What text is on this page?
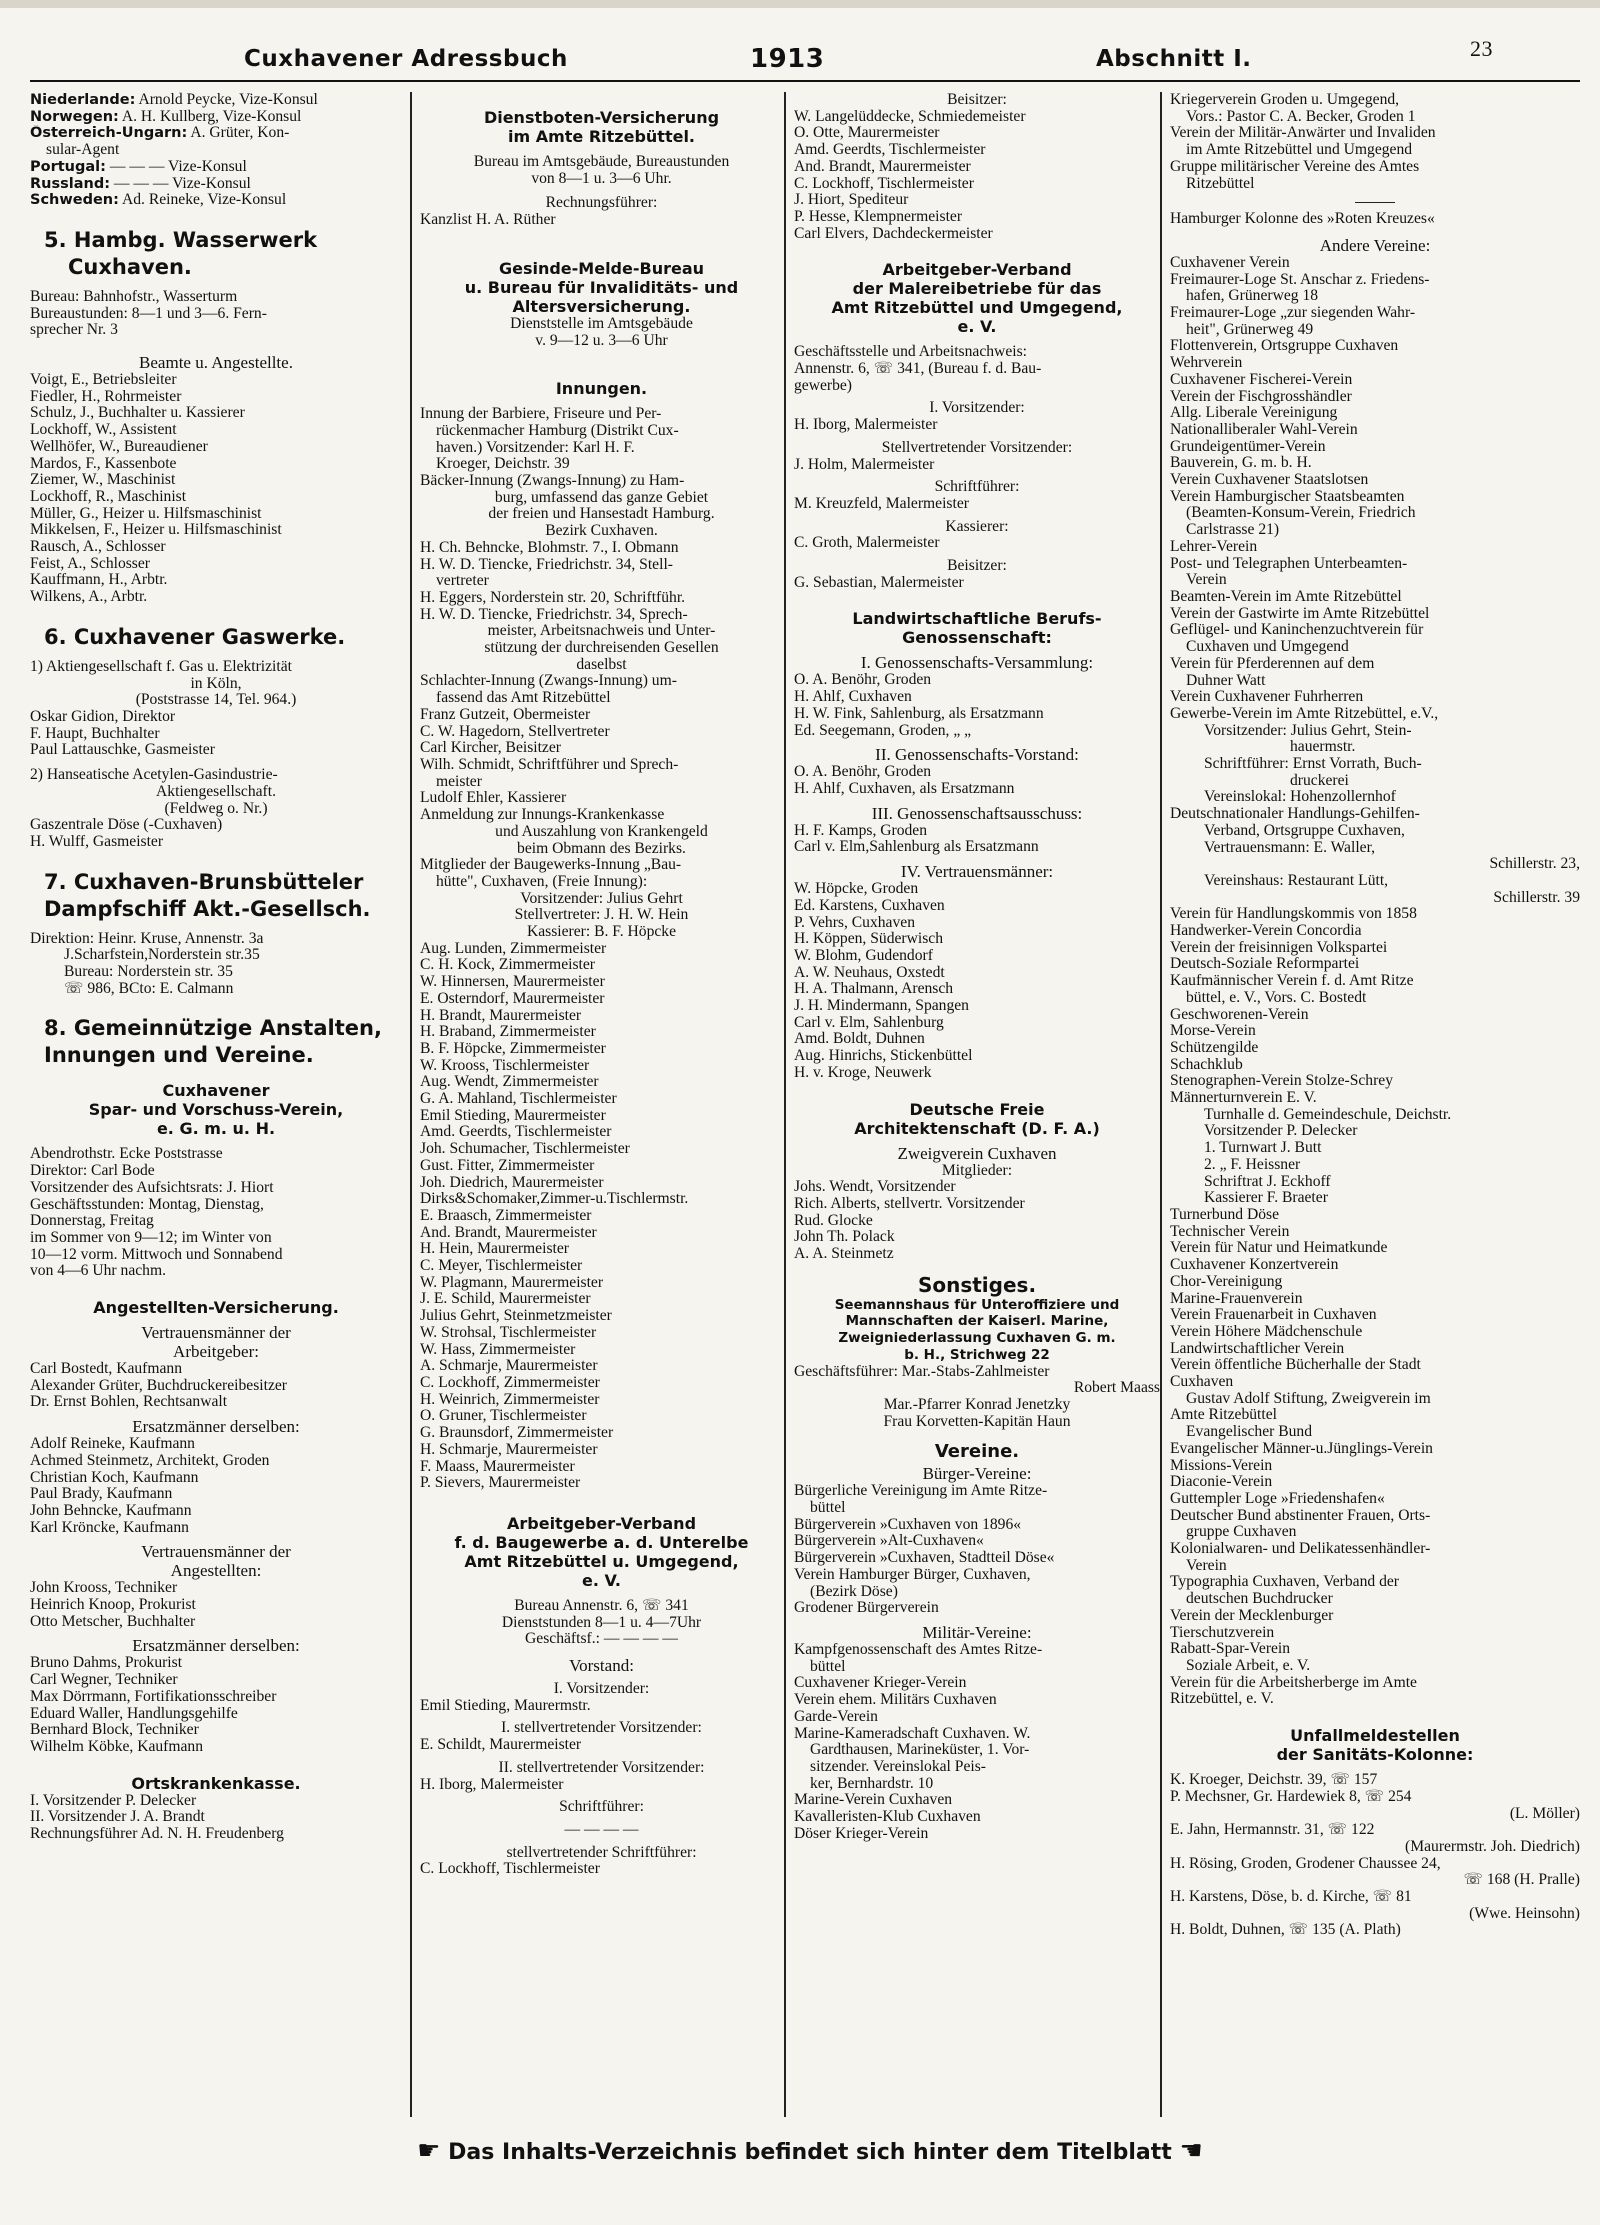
Cuxhavener Adressbuch	1913	Abschnitt I.	23
Niederlande: Arnold Peycke, Vize-Konsul
Norwegen: A. H. Kullberg, Vize-Konsul
Österreich-Ungarn: A. Grüter, Kon-
sular-Agent
Portugal: — — — Vize-Konsul
Russland: — — — Vize-Konsul
Schweden: Ad. Reineke, Vize-Konsul
5. Hambg. Wasserwerk
Cuxhaven.
Bureau: Bahnhofstr., Wasserturm
Bureaustunden: 8—1 und 3—6. Fern-
sprecher Nr. 3
Beamte u. Angestellte.
Voigt, E., Betriebsleiter
Fiedler, H., Rohrmeister
Schulz, J., Buchhalter u. Kassierer
Lockhoff, W., Assistent
Wellhöfer, W., Bureaudiener
Mardos, F., Kassenbote
Ziemer, W., Maschinist
Lockhoff, R., Maschinist
Müller, G., Heizer u. Hilfsmaschinist
Mikkelsen, F., Heizer u. Hilfsmaschinist
Rausch, A., Schlosser
Feist, A., Schlosser
Kauffmann, H., Arbtr.
Wilkens, A., Arbtr.
6. Cuxhavener Gaswerke.
1) Aktiengesellschaft f. Gas u. Elektrizität
in Köln,
(Poststrasse 14, Tel. 964.)
Oskar Gidion, Direktor
F. Haupt, Buchhalter
Paul Lattauschke, Gasmeister
2) Hanseatische Acetylen-Gasindustrie-
Aktiengesellschaft.
(Feldweg o. Nr.)
Gaszentrale Döse (-Cuxhaven)
H. Wulff, Gasmeister
7. Cuxhaven-Brunsbütteler
Dampfschiff Akt.-Gesellsch.
Direktion: Heinr. Kruse, Annenstr. 3a
J.Scharfstein,Norderstein str.35
Bureau: Norderstein str. 35
☏ 986, BCto: E. Calmann
8. Gemeinnützige Anstalten,
Innungen und Vereine.
Cuxhavener
Spar- und Vorschuss-Verein,
e. G. m. u. H.
Abendrothstr. Ecke Poststrasse
Direktor: Carl Bode
Vorsitzender des Aufsichtsrats: J. Hiort
Geschäftsstunden: Montag, Dienstag,
Donnerstag, Freitag
im Sommer von 9—12; im Winter von
10—12 vorm. Mittwoch und Sonnabend
von 4—6 Uhr nachm.
Angestellten-Versicherung.
Vertrauensmänner der
Arbeitgeber:
Carl Bostedt, Kaufmann
Alexander Grüter, Buchdruckereibesitzer
Dr. Ernst Bohlen, Rechtsanwalt
Ersatzmänner derselben:
Adolf Reineke, Kaufmann
Achmed Steinmetz, Architekt, Groden
Christian Koch, Kaufmann
Paul Brady, Kaufmann
John Behncke, Kaufmann
Karl Kröncke, Kaufmann
Vertrauensmänner der
Angestellten:
John Krooss, Techniker
Heinrich Knoop, Prokurist
Otto Metscher, Buchhalter
Ersatzmänner derselben:
Bruno Dahms, Prokurist
Carl Wegner, Techniker
Max Dörrmann, Fortifikationsschreiber
Eduard Waller, Handlungsgehilfe
Bernhard Block, Techniker
Wilhelm Köbke, Kaufmann
Ortskrankenkasse.
I. Vorsitzender P. Delecker
II. Vorsitzender J. A. Brandt
Rechnungsführer Ad. N. H. Freudenberg
Dienstboten-Versicherung
im Amte Ritzebüttel.
Bureau im Amtsgebäude, Bureaustunden
von 8—1 u. 3—6 Uhr.
Rechnungsführer:
Kanzlist H. A. Rüther
Gesinde-Melde-Bureau
u. Bureau für Invaliditäts- und
Altersversicherung.
Dienststelle im Amtsgebäude
v. 9—12 u. 3—6 Uhr
Innungen.
Innung der Barbiere, Friseure und Per-
rückenmacher Hamburg (Distrikt Cux-
haven.) Vorsitzender: Karl H. F.
Kroeger, Deichstr. 39
Bäcker-Innung (Zwangs-Innung) zu Ham-
burg, umfassend das ganze Gebiet
der freien und Hansestadt Hamburg.
Bezirk Cuxhaven.
H. Ch. Behncke, Blohmstr. 7., I. Obmann
H. W. D. Tiencke, Friedrichstr. 34, Stell-
vertreter
H. Eggers, Norderstein str. 20, Schriftführ.
H. W. D. Tiencke, Friedrichstr. 34, Sprech-
meister, Arbeitsnachweis und Unter-
stützung der durchreisenden Gesellen
daselbst
Schlachter-Innung (Zwangs-Innung) um-
fassend das Amt Ritzebüttel
Franz Gutzeit, Obermeister
C. W. Hagedorn, Stellvertreter
Carl Kircher, Beisitzer
Wilh. Schmidt, Schriftführer und Sprech-
meister
Ludolf Ehler, Kassierer
Anmeldung zur Innungs-Krankenkasse
und Auszahlung von Krankengeld
beim Obmann des Bezirks.
Mitglieder der Baugewerks-Innung „Bau-
hütte", Cuxhaven, (Freie Innung):
Vorsitzender: Julius Gehrt
Stellvertreter: J. H. W. Hein
Kassierer: B. F. Höpcke
Aug. Lunden, Zimmermeister
C. H. Kock, Zimmermeister
W. Hinnersen, Maurermeister
E. Osterndorf, Maurermeister
H. Brandt, Maurermeister
H. Braband, Zimmermeister
B. F. Höpcke, Zimmermeister
W. Krooss, Tischlermeister
Aug. Wendt, Zimmermeister
G. A. Mahland, Tischlermeister
Emil Stieding, Maurermeister
Amd. Geerdts, Tischlermeister
Joh. Schumacher, Tischlermeister
Gust. Fitter, Zimmermeister
Joh. Diedrich, Maurermeister
Dirks&Schomaker,Zimmer-u.Tischlermstr.
E. Braasch, Zimmermeister
And. Brandt, Maurermeister
H. Hein, Maurermeister
C. Meyer, Tischlermeister
W. Plagmann, Maurermeister
J. E. Schild, Maurermeister
Julius Gehrt, Steinmetzmeister
W. Strohsal, Tischlermeister
W. Hass, Zimmermeister
A. Schmarje, Maurermeister
C. Lockhoff, Zimmermeister
H. Weinrich, Zimmermeister
O. Gruner, Tischlermeister
G. Braunsdorf, Zimmermeister
H. Schmarje, Maurermeister
F. Maass, Maurermeister
P. Sievers, Maurermeister
Arbeitgeber-Verband
f. d. Baugewerbe a. d. Unterelbe
Amt Ritzebüttel u. Umgegend,
e. V.
Bureau Annenstr. 6, ☏ 341
Dienststunden 8—1 u. 4—7Uhr
Geschäftsf.: — — — —
Vorstand:
I. Vorsitzender:
Emil Stieding, Maurermstr.
I. stellvertretender Vorsitzender:
E. Schildt, Maurermeister
II. stellvertretender Vorsitzender:
H. Iborg, Malermeister
Schriftführer:
— — — —
stellvertretender Schriftführer:
C. Lockhoff, Tischlermeister
Beisitzer:
W. Langelüddecke, Schmiedemeister
O. Otte, Maurermeister
Amd. Geerdts, Tischlermeister
And. Brandt, Maurermeister
C. Lockhoff, Tischlermeister
J. Hiort, Spediteur
P. Hesse, Klempnermeister
Carl Elvers, Dachdeckermeister
Arbeitgeber-Verband
der Malereibetriebe für das
Amt Ritzebüttel und Umgegend,
e. V.
Geschäftsstelle und Arbeitsnachweis:
Annenstr. 6, ☏ 341, (Bureau f. d. Bau-
gewerbe)
I. Vorsitzender:
H. Iborg, Malermeister
Stellvertretender Vorsitzender:
J. Holm, Malermeister
Schriftführer:
M. Kreuzfeld, Malermeister
Kassierer:
C. Groth, Malermeister
Beisitzer:
G. Sebastian, Malermeister
Landwirtschaftliche Berufs-
Genossenschaft:
I. Genossenschafts-Versammlung:
O. A. Benöhr, Groden
H. Ahlf, Cuxhaven
H. W. Fink, Sahlenburg, als Ersatzmann
Ed. Seegemann, Groden, „ „
II. Genossenschafts-Vorstand:
O. A. Benöhr, Groden
H. Ahlf, Cuxhaven, als Ersatzmann
III. Genossenschaftsausschuss:
H. F. Kamps, Groden
Carl v. Elm,Sahlenburg als Ersatzmann
IV. Vertrauensmänner:
W. Höpcke, Groden
Ed. Karstens, Cuxhaven
P. Vehrs, Cuxhaven
H. Köppen, Süderwisch
W. Blohm, Gudendorf
A. W. Neuhaus, Oxstedt
H. A. Thalmann, Arensch
J. H. Mindermann, Spangen
Carl v. Elm, Sahlenburg
Amd. Boldt, Duhnen
Aug. Hinrichs, Stickenbüttel
H. v. Kroge, Neuwerk
Deutsche Freie
Architektenschaft (D. F. A.)
Zweigverein Cuxhaven
Mitglieder:
Johs. Wendt, Vorsitzender
Rich. Alberts, stellvertr. Vorsitzender
Rud. Glocke
John Th. Polack
A. A. Steinmetz
Sonstiges.
Seemannshaus für Unteroffiziere und
Mannschaften der Kaiserl. Marine,
Zweigniederlassung Cuxhaven G. m.
b. H., Strichweg 22
Geschäftsführer: Mar.-Stabs-Zahlmeister
Robert Maass
Mar.-Pfarrer Konrad Jenetzky
Frau Korvetten-Kapitän Haun
Vereine.
Bürger-Vereine:
Bürgerliche Vereinigung im Amte Ritze-
büttel
Bürgerverein »Cuxhaven von 1896«
Bürgerverein »Alt-Cuxhaven«
Bürgerverein »Cuxhaven, Stadtteil Döse«
Verein Hamburger Bürger, Cuxhaven,
(Bezirk Döse)
Grodener Bürgerverein
Militär-Vereine:
Kampfgenossenschaft des Amtes Ritze-
büttel
Cuxhavener Krieger-Verein
Verein ehem. Militärs Cuxhaven
Garde-Verein
Marine-Kameradschaft Cuxhaven. W.
Gardthausen, Marineküster, 1. Vor-
sitzender. Vereinslokal Peis-
ker, Bernhardstr. 10
Marine-Verein Cuxhaven
Kavalleristen-Klub Cuxhaven
Döser Krieger-Verein
Kriegerverein Groden u. Umgegend,
Vors.: Pastor C. A. Becker, Groden 1
Verein der Militär-Anwärter und Invaliden
im Amte Ritzebüttel und Umgegend
Gruppe militärischer Vereine des Amtes
Ritzebüttel
Hamburger Kolonne des »Roten Kreuzes«
Andere Vereine:
Cuxhavener Verein
Freimaurer-Loge St. Anschar z. Friedens-
hafen, Grünerweg 18
Freimaurer-Loge „zur siegenden Wahr-
heit", Grünerweg 49
Flottenverein, Ortsgruppe Cuxhaven
Wehrverein
Cuxhavener Fischerei-Verein
Verein der Fischgrosshändler
Allg. Liberale Vereinigung
Nationalliberaler Wahl-Verein
Grundeigentümer-Verein
Bauverein, G. m. b. H.
Verein Cuxhavener Staatslotsen
Verein Hamburgischer Staatsbeamten
(Beamten-Konsum-Verein, Friedrich
Carlstrasse 21)
Lehrer-Verein
Post- und Telegraphen Unterbeamten-
Verein
Beamten-Verein im Amte Ritzebüttel
Verein der Gastwirte im Amte Ritzebüttel
Geflügel- und Kaninchenzuchtverein für
Cuxhaven und Umgegend
Verein für Pferderennen auf dem
Duhner Watt
Verein Cuxhavener Fuhrherren
Gewerbe-Verein im Amte Ritzebüttel, e.V.,
Vorsitzender: Julius Gehrt, Stein-
hauermstr.
Schriftführer: Ernst Vorrath, Buch-
druckerei
Vereinslokal: Hohenzollernhof
Deutschnationaler Handlungs-Gehilfen-
Verband, Ortsgruppe Cuxhaven,
Vertrauensmann: E. Waller,
Schillerstr. 23,
Vereinshaus: Restaurant Lütt,
Schillerstr. 39
Verein für Handlungskommis von 1858
Handwerker-Verein Concordia
Verein der freisinnigen Volkspartei
Deutsch-Soziale Reformpartei
Kaufmännischer Verein f. d. Amt Ritze
büttel, e. V., Vors. C. Bostedt
Geschworenen-Verein
Morse-Verein
Schützengilde
Schachklub
Stenographen-Verein Stolze-Schrey
Männerturnverein E. V.
Turnhalle d. Gemeindeschule, Deichstr.
Vorsitzender P. Delecker
1. Turnwart J. Butt
2. „ F. Heissner
Schriftrat J. Eckhoff
Kassierer F. Braeter
Turnerbund Döse
Technischer Verein
Verein für Natur und Heimatkunde
Cuxhavener Konzertverein
Chor-Vereinigung
Marine-Frauenverein
Verein Frauenarbeit in Cuxhaven
Verein Höhere Mädchenschule
Landwirtschaftlicher Verein
Verein öffentliche Bücherhalle der Stadt
Cuxhaven
Gustav Adolf Stiftung, Zweigverein im
Amte Ritzebüttel
Evangelischer Bund
Evangelischer Männer-u.Jünglings-Verein
Missions-Verein
Diaconie-Verein
Guttempler Loge »Friedenshafen«
Deutscher Bund abstinenter Frauen, Orts-
gruppe Cuxhaven
Kolonialwaren- und Delikatessenhändler-
Verein
Typographia Cuxhaven, Verband der
deutschen Buchdrucker
Verein der Mecklenburger
Tierschutzverein
Rabatt-Spar-Verein
Soziale Arbeit, e. V.
Verein für die Arbeitsherberge im Amte
Ritzebüttel, e. V.
Unfallmeldestellen
der Sanitäts-Kolonne:
K. Kroeger, Deichstr. 39, ☏ 157
P. Mechsner, Gr. Hardewiek 8, ☏ 254
(L. Möller)
E. Jahn, Hermannstr. 31, ☏ 122
(Maurermstr. Joh. Diedrich)
H. Rösing, Groden, Grodener Chaussee 24,
☏ 168 (H. Pralle)
H. Karstens, Döse, b. d. Kirche, ☏ 81
(Wwe. Heinsohn)
H. Boldt, Duhnen, ☏ 135 (A. Plath)
☛ Das Inhalts-Verzeichnis befindet sich hinter dem Titelblatt ☚
